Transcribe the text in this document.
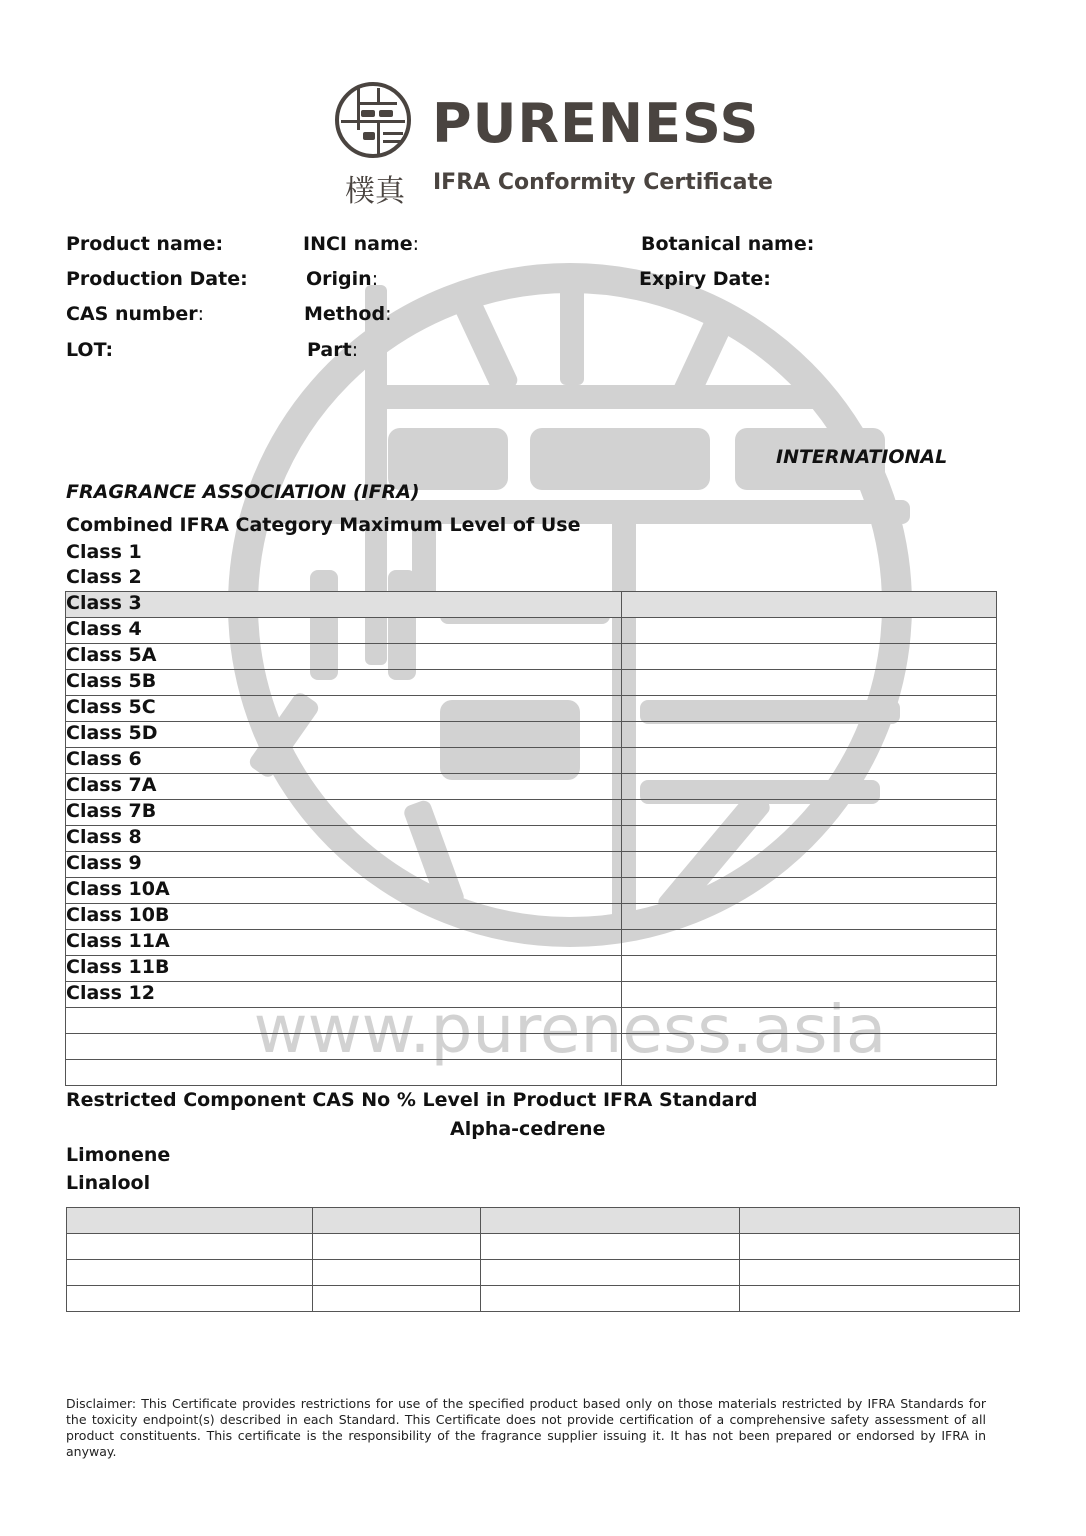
www.pureness.asia
PURENESS
樸真 IFRA Conformity Certificate
Product name:	INCI name:	Botanical name:
Production Date:	Origin:	Expiry Date:
CAS number:	Method:
LOT:	Part:
INTERNATIONAL
FRAGRANCE ASSOCIATION (IFRA)
Combined IFRA Category Maximum Level of Use

Class 1
Class 2
Class 3
Class 4
Class 5A
Class 5B
Class 5C
Class 5D
Class 6
Class 7A
Class 7B
Class 8
Class 9
Class 10A
Class 10B
Class 11A
Class 11B
Class 12
Restricted Component CAS No % Level in Product IFRA Standard
Alpha-cedrene
Limonene
Linalool

Disclaimer: This Certificate provides restrictions for use of the specified product based only on those materials restricted by IFRA Standards for the toxicity endpoint(s) described in each Standard. This Certificate does not provide certification of a comprehensive safety assessment of all product constituents. This certificate is the responsibility of the fragrance supplier issuing it. It has not been prepared or endorsed by IFRA in anyway.
